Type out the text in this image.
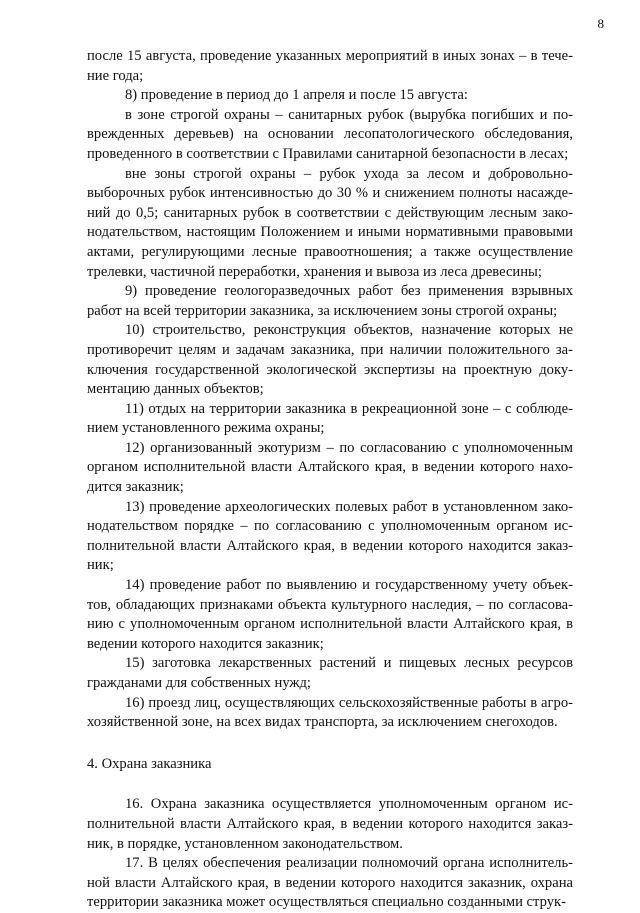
8

после 15 августа, проведение указанных мероприятий в иных зонах – в течение года;

8) проведение в период до 1 апреля и после 15 августа:

в зоне строгой охраны – санитарных рубок (вырубка погибших и поврежденных деревьев) на основании лесопатологического обследования, проведенного в соответствии с Правилами санитарной безопасности в лесах;

вне зоны строгой охраны – рубок ухода за лесом и добровольно-выборочных рубок интенсивностью до 30 % и снижением полноты насаждений до 0,5; санитарных рубок в соответствии с действующим лесным законодательством, настоящим Положением и иными нормативными правовыми актами, регулирующими лесные правоотношения; а также осуществление трелевки, частичной переработки, хранения и вывоза из леса древесины;

9) проведение геологоразведочных работ без применения взрывных работ на всей территории заказника, за исключением зоны строгой охраны;

10) строительство, реконструкция объектов, назначение которых не противоречит целям и задачам заказника, при наличии положительного заключения государственной экологической экспертизы на проектную документацию данных объектов;

11) отдых на территории заказника в рекреационной зоне – с соблюдением установленного режима охраны;

12) организованный экотуризм – по согласованию с уполномоченным органом исполнительной власти Алтайского края, в ведении которого находится заказник;

13) проведение археологических полевых работ в установленном законодательством порядке – по согласованию с уполномоченным органом исполнительной власти Алтайского края, в ведении которого находится заказник;

14) проведение работ по выявлению и государственному учету объектов, обладающих признаками объекта культурного наследия, – по согласованию с уполномоченным органом исполнительной власти Алтайского края, в ведении которого находится заказник;

15) заготовка лекарственных растений и пищевых лесных ресурсов гражданами для собственных нужд;

16) проезд лиц, осуществляющих сельскохозяйственные работы в агрохозяйственной зоне, на всех видах транспорта, за исключением снегоходов.

4. Охрана заказника

16. Охрана заказника осуществляется уполномоченным органом исполнительной власти Алтайского края, в ведении которого находится заказник, в порядке, установленном законодательством.

17. В целях обеспечения реализации полномочий органа исполнительной власти Алтайского края, в ведении которого находится заказник, охрана территории заказника может осуществляться специально созданными струк-
